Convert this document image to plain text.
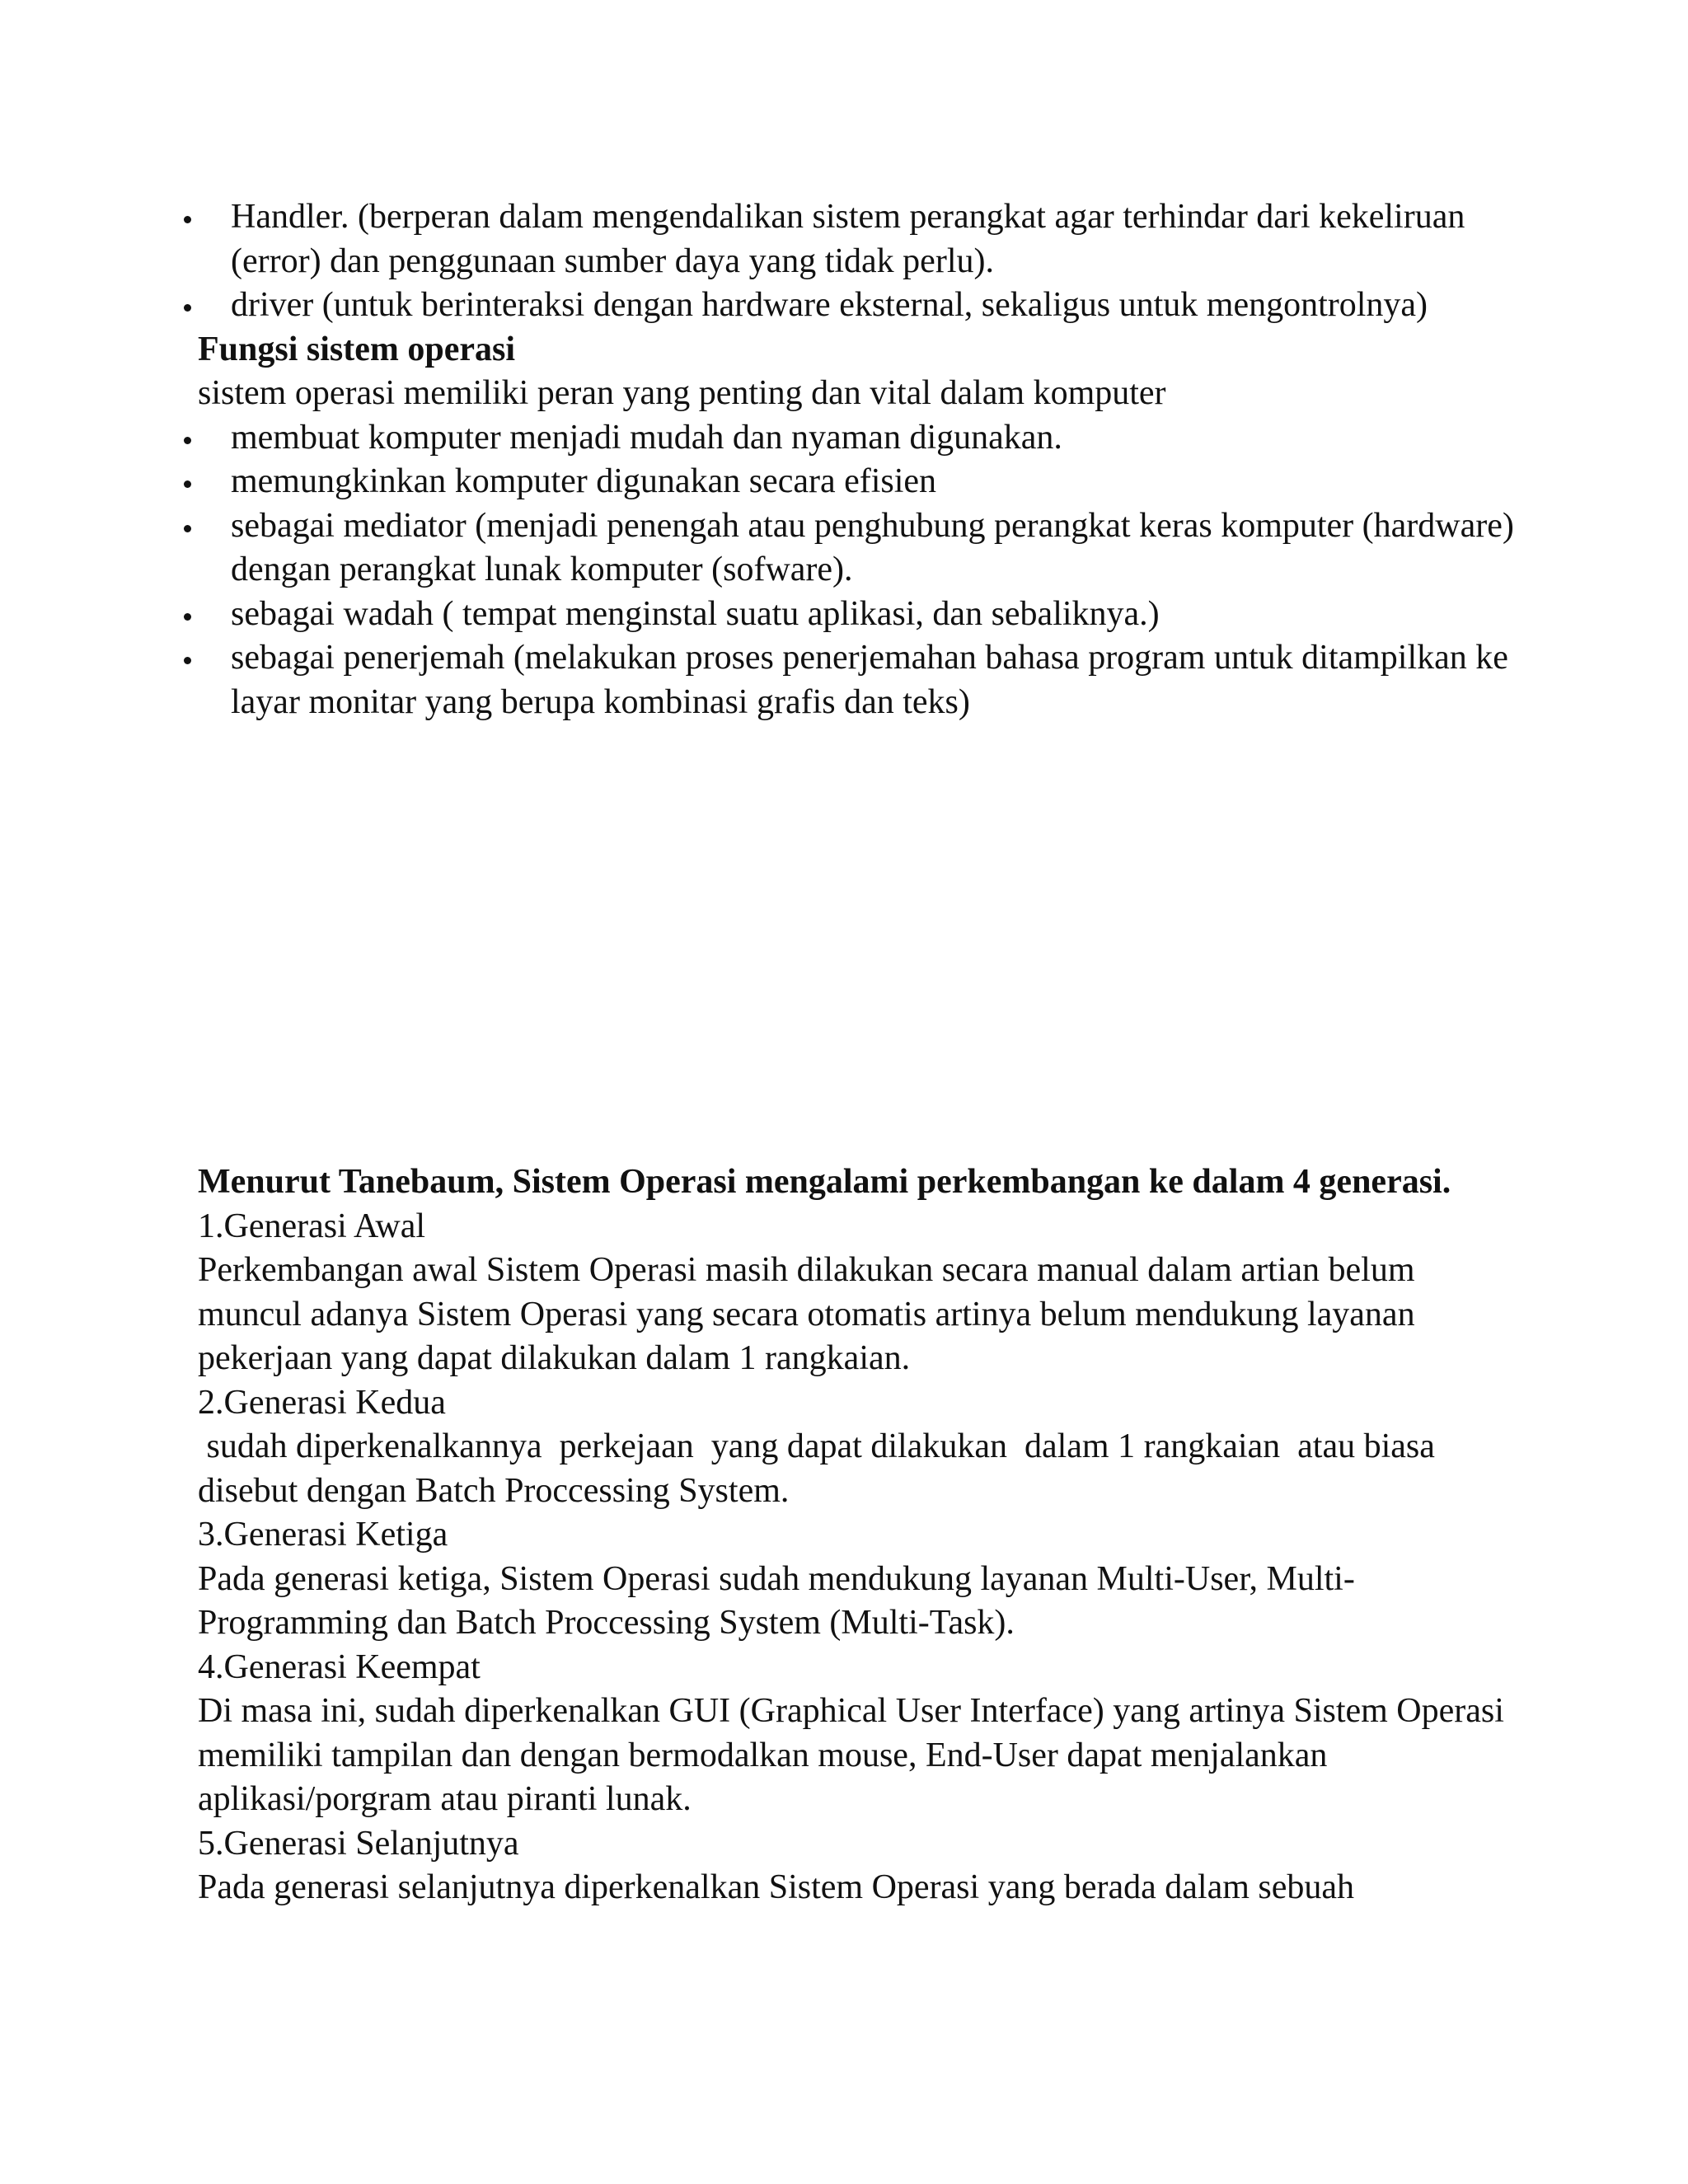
Handler. (berperan dalam mengendalikan sistem perangkat agar terhindar dari kekeliruan (error) dan penggunaan sumber daya yang tidak perlu).
driver (untuk berinteraksi dengan hardware eksternal, sekaligus untuk mengontrolnya)
Fungsi sistem operasi
sistem operasi memiliki peran yang penting dan vital dalam komputer
membuat komputer menjadi mudah dan nyaman digunakan.
memungkinkan komputer digunakan secara efisien
sebagai mediator (menjadi penengah atau penghubung perangkat keras komputer (hardware) dengan perangkat lunak komputer (sofware).
sebagai wadah ( tempat menginstal suatu aplikasi, dan sebaliknya.)
sebagai penerjemah (melakukan proses penerjemahan bahasa program untuk ditampilkan ke layar monitar yang berupa kombinasi grafis dan teks)
Menurut Tanebaum, Sistem Operasi mengalami perkembangan ke dalam 4 generasi.
1.Generasi Awal
Perkembangan awal Sistem Operasi masih dilakukan secara manual dalam artian belum muncul adanya Sistem Operasi yang secara otomatis artinya belum mendukung layanan pekerjaan yang dapat dilakukan dalam 1 rangkaian.
2.Generasi Kedua
sudah diperkenalkannya  perkejaan  yang dapat dilakukan  dalam 1 rangkaian  atau biasa disebut dengan Batch Proccessing System.
3.Generasi Ketiga
Pada generasi ketiga, Sistem Operasi sudah mendukung layanan Multi-User, Multi-Programming dan Batch Proccessing System (Multi-Task).
4.Generasi Keempat
Di masa ini, sudah diperkenalkan GUI (Graphical User Interface) yang artinya Sistem Operasi memiliki tampilan dan dengan bermodalkan mouse, End-User dapat menjalankan aplikasi/porgram atau piranti lunak.
5.Generasi Selanjutnya
Pada generasi selanjutnya diperkenalkan Sistem Operasi yang berada dalam sebuah
